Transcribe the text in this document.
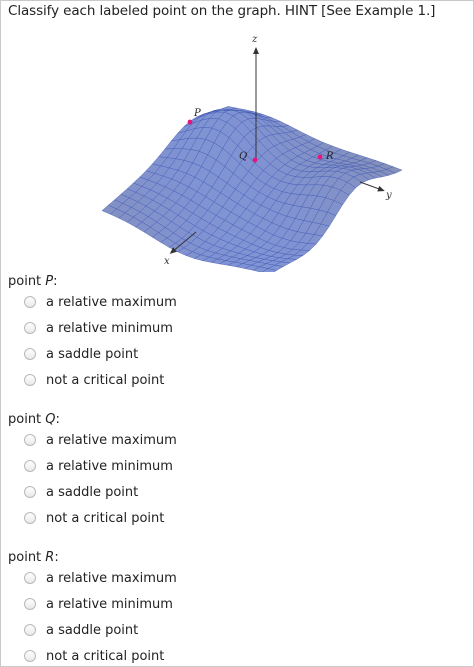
Classify each labeled point on the graph. HINT [See Example 1.]
z
y
x
P
Q	R
point P:
a relative maximum
a relative minimum
a saddle point
not a critical point
point Q:
a relative maximum
a relative minimum
a saddle point
not a critical point
point R:
a relative maximum
a relative minimum
a saddle point
not a critical point
